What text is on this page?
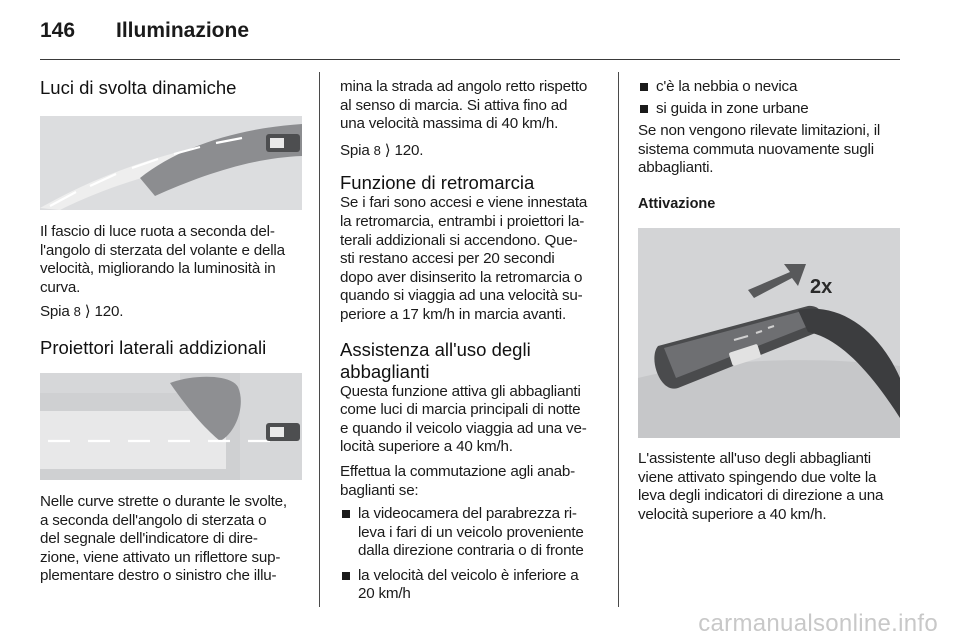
146	Illuminazione
Luci di svolta dinamiche

Il fascio di luce ruota a seconda del-
l'angolo di sterzata del volante e della
velocità, migliorando la luminosità in
curva.

Spia 8 ⟩ 120.

Proiettori laterali addizionali

Nelle curve strette o durante le svolte,
a seconda dell'angolo di sterzata o
del segnale dell'indicatore di dire-
zione, viene attivato un riflettore sup-
plementare destro o sinistro che illu-

mina la strada ad angolo retto rispetto
al senso di marcia. Si attiva fino ad
una velocità massima di 40 km/h.

Spia 8 ⟩ 120.

Funzione di retromarcia

Se i fari sono accesi e viene innestata
la retromarcia, entrambi i proiettori la-
terali addizionali si accendono. Que-
sti restano accesi per 20 secondi
dopo aver disinserito la retromarcia o
quando si viaggia ad una velocità su-
periore a 17 km/h in marcia avanti.

Assistenza all'uso degli
abbaglianti

Questa funzione attiva gli abbaglianti
come luci di marcia principali di notte
e quando il veicolo viaggia ad una ve-
locità superiore a 40 km/h.

Effettua la commutazione agli anab-
baglianti se:

la videocamera del parabrezza ri-
leva i fari di un veicolo proveniente
dalla direzione contraria o di fronte
la velocità del veicolo è inferiore a
20 km/h
c'è la nebbia o nevica
si guida in zone urbane

Se non vengono rilevate limitazioni, il
sistema commuta nuovamente sugli
abbaglianti.

Attivazione
2x

L'assistente all'uso degli abbaglianti
viene attivato spingendo due volte la
leva degli indicatori di direzione a una
velocità superiore a 40 km/h.

carmanualsonline.info
